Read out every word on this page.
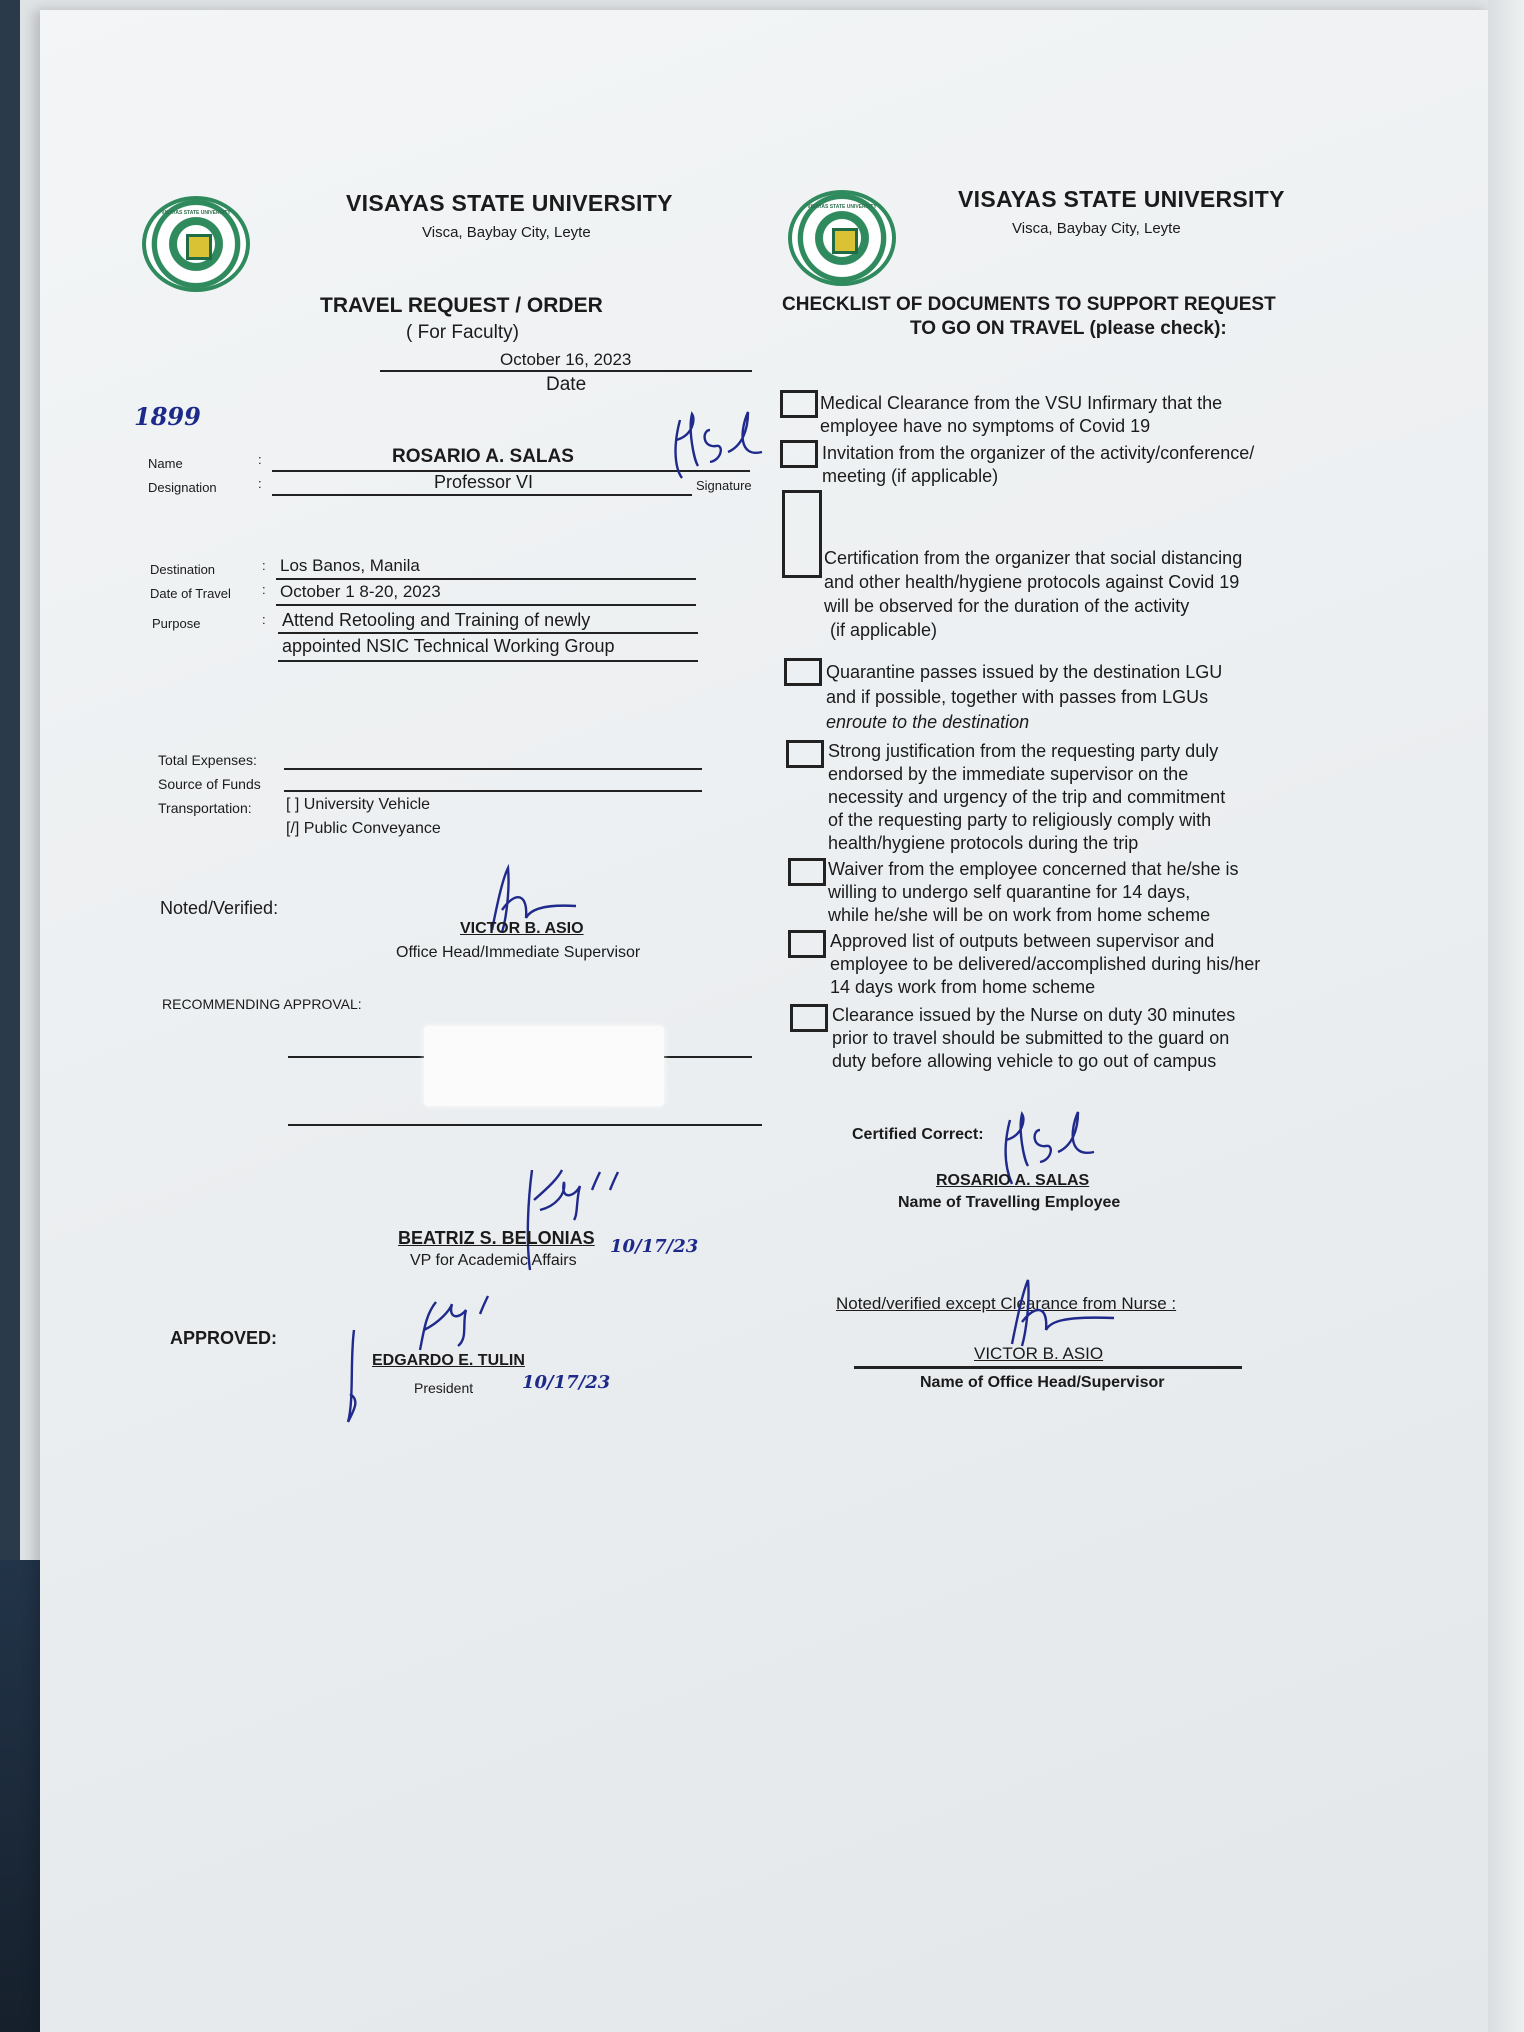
VISAYAS STATE UNIVERSITY	VISAYAS STATE UNIVERSITY
Visca, Baybay City, Leyte
VISAYAS STATE UNIVERSITY	VISAYAS STATE UNIVERSITY
Visca, Baybay City, Leyte
TRAVEL REQUEST / ORDER
( For Faculty)
October 16, 2023
Date
1899
Name	:	ROSARIO A. SALAS
Designation	:	Professor VI	Signature
Destination	: Los Banos, Manila
Date of Travel : October 1 8-20, 2023
Purpose	: Attend Retooling and Training of newly
appointed NSIC Technical Working Group
Total Expenses:
Source of Funds
Transportation: [ ] University Vehicle
[/] Public Conveyance
Noted/Verified:
VICTOR B. ASIO
Office Head/Immediate Supervisor
RECOMMENDING APPROVAL:
BEATRIZ S. BELONIAS
VP for Academic Affairs
10/17/23
APPROVED:
EDGARDO E. TULIN
President	10/17/23
CHECKLIST OF DOCUMENTS TO SUPPORT REQUEST
TO GO ON TRAVEL (please check):
Medical Clearance from the VSU Infirmary that the
employee have no symptoms of Covid 19
Invitation from the organizer of the activity/conference/
meeting (if applicable)
Certification from the organizer that social distancing
and other health/hygiene protocols against Covid 19
will be observed for the duration of the activity
(if applicable)
Quarantine passes issued by the destination LGU
and if possible, together with passes from LGUs
enroute to the destination
Strong justification from the requesting party duly
endorsed by the immediate supervisor on the
necessity and urgency of the trip and commitment
of the requesting party to religiously comply with
health/hygiene protocols during the trip
Waiver from the employee concerned that he/she is
willing to undergo self quarantine for 14 days,
while he/she will be on work from home scheme
Approved list of outputs between supervisor and
employee to be delivered/accomplished during his/her
14 days work from home scheme
Clearance issued by the Nurse on duty 30 minutes
prior to travel should be submitted to the guard on
duty before allowing vehicle to go out of campus
Certified Correct:
ROSARIO A. SALAS
Name of Travelling Employee
Noted/verified except Clearance from Nurse :
VICTOR B. ASIO
Name of Office Head/Supervisor
